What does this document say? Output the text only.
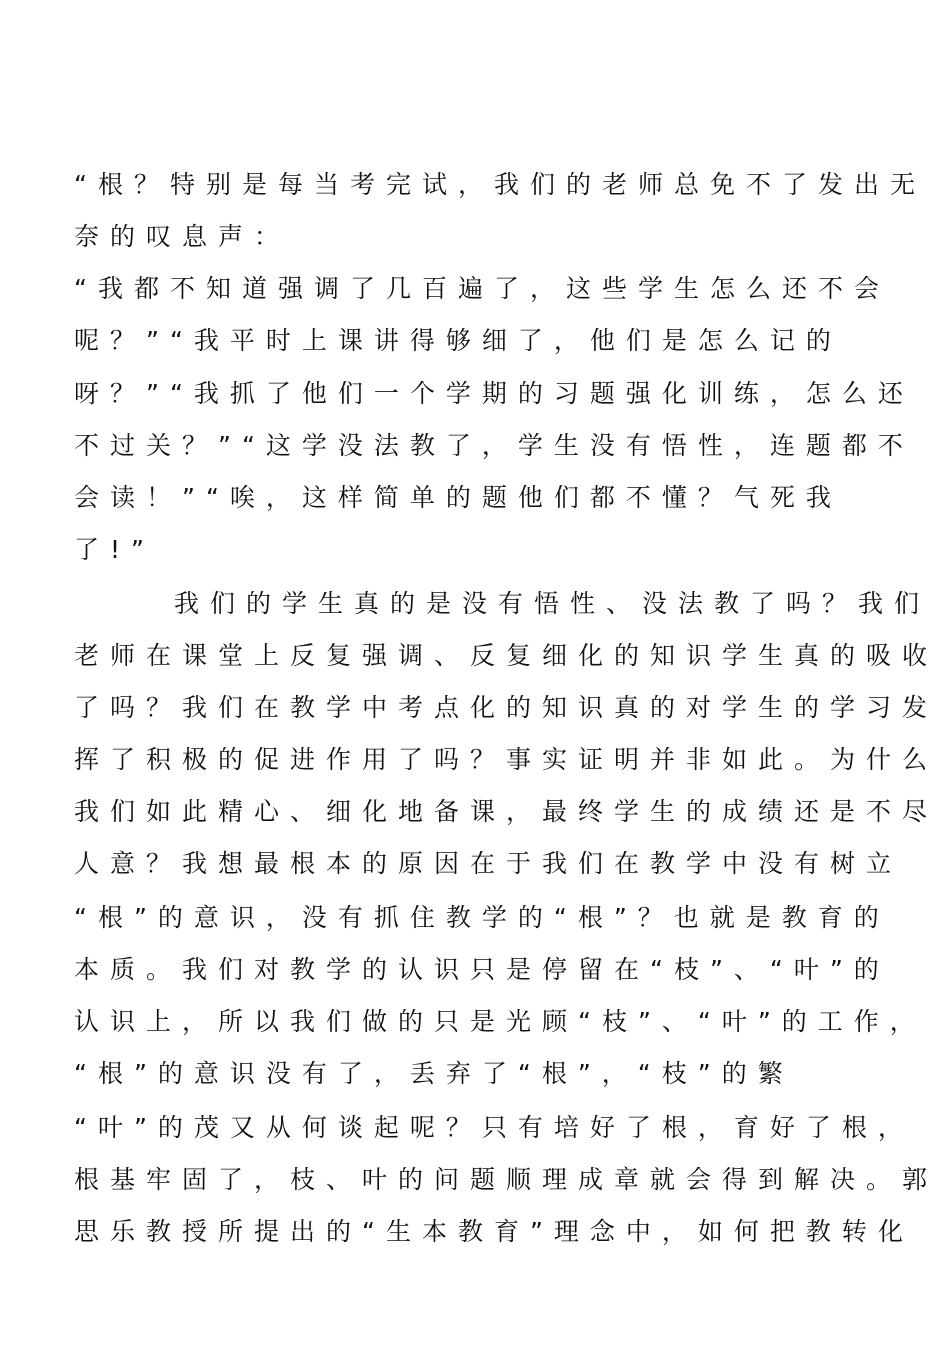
“根？特别是每当考完试，我们的老师总免不了发出无
奈的叹息声：
“我都不知道强调了几百遍了，这些学生怎么还不会
呢？”“我平时上课讲得够细了，他们是怎么记的
呀？”“我抓了他们一个学期的习题强化训练，怎么还
不过关？”“这学没法教了，学生没有悟性，连题都不
会读！”“唉，这样简单的题他们都不懂？气死我
了!”
我们的学生真的是没有悟性、没法教了吗？我们
老师在课堂上反复强调、反复细化的知识学生真的吸收
了吗？我们在教学中考点化的知识真的对学生的学习发
挥了积极的促进作用了吗？事实证明并非如此。为什么
我们如此精心、细化地备课，最终学生的成绩还是不尽
人意？我想最根本的原因在于我们在教学中没有树立
“根”的意识，没有抓住教学的“根”？也就是教育的
本质。我们对教学的认识只是停留在“枝”、“叶”的
认识上，所以我们做的只是光顾“枝”、“叶”的工作，
“根”的意识没有了，丢弃了“根”，“枝”的繁
“叶”的茂又从何谈起呢？只有培好了根，育好了根，
根基牢固了，枝、叶的问题顺理成章就会得到解决。郭
思乐教授所提出的“生本教育”理念中，如何把教转化
